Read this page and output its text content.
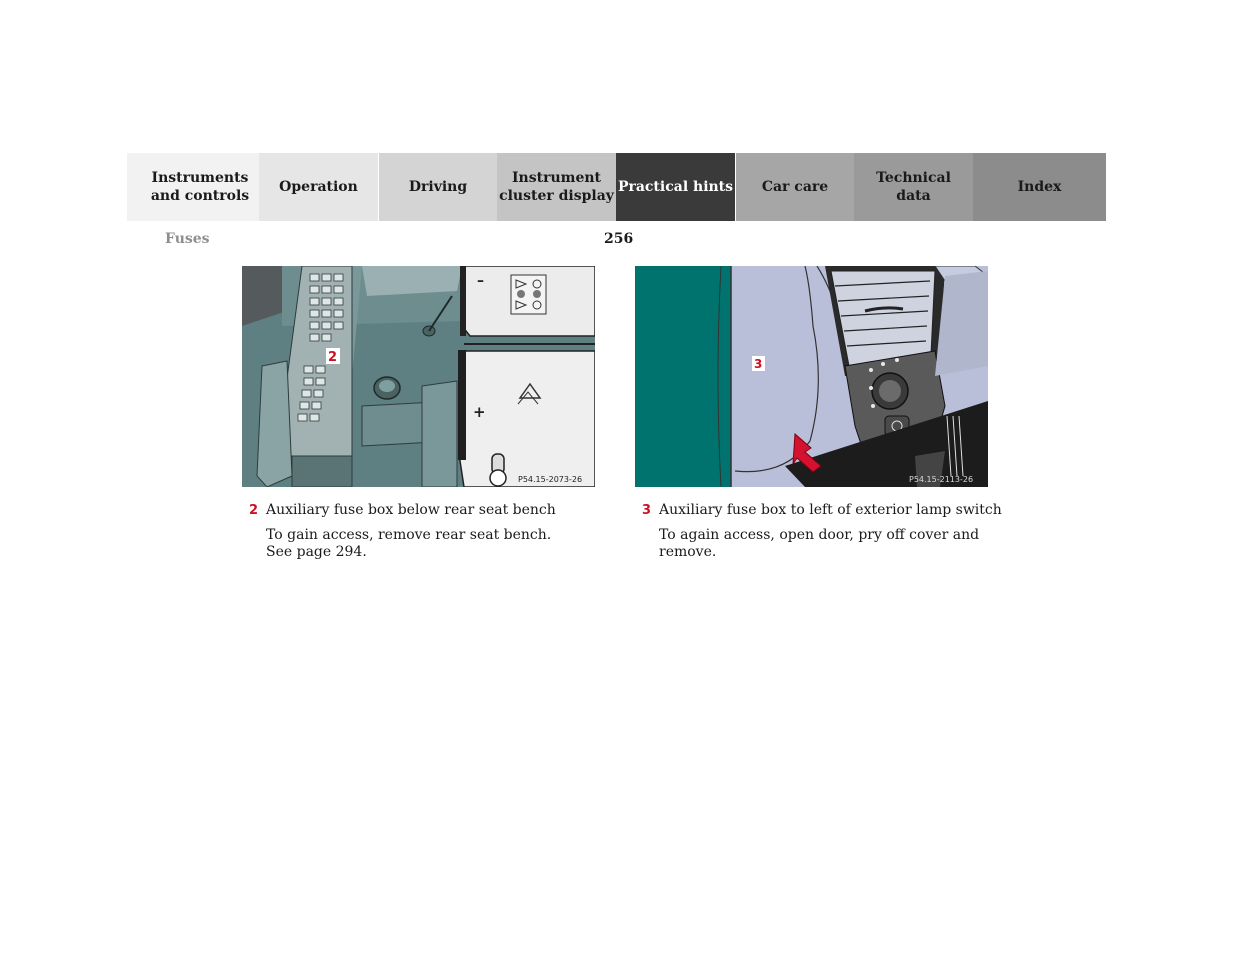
Instruments
and controls
Operation	Driving
Instrument
cluster display
Practical hints Car care
Technical
data
Index
Fuses	256
–
+
2
P54.15-2073-26
3
P54.15-2113-26
2 Auxiliary fuse box below rear seat bench
To gain access, remove rear seat bench.
See page 294.
3 Auxiliary fuse box to left of exterior lamp switch
To again access, open door, pry off cover and
remove.
